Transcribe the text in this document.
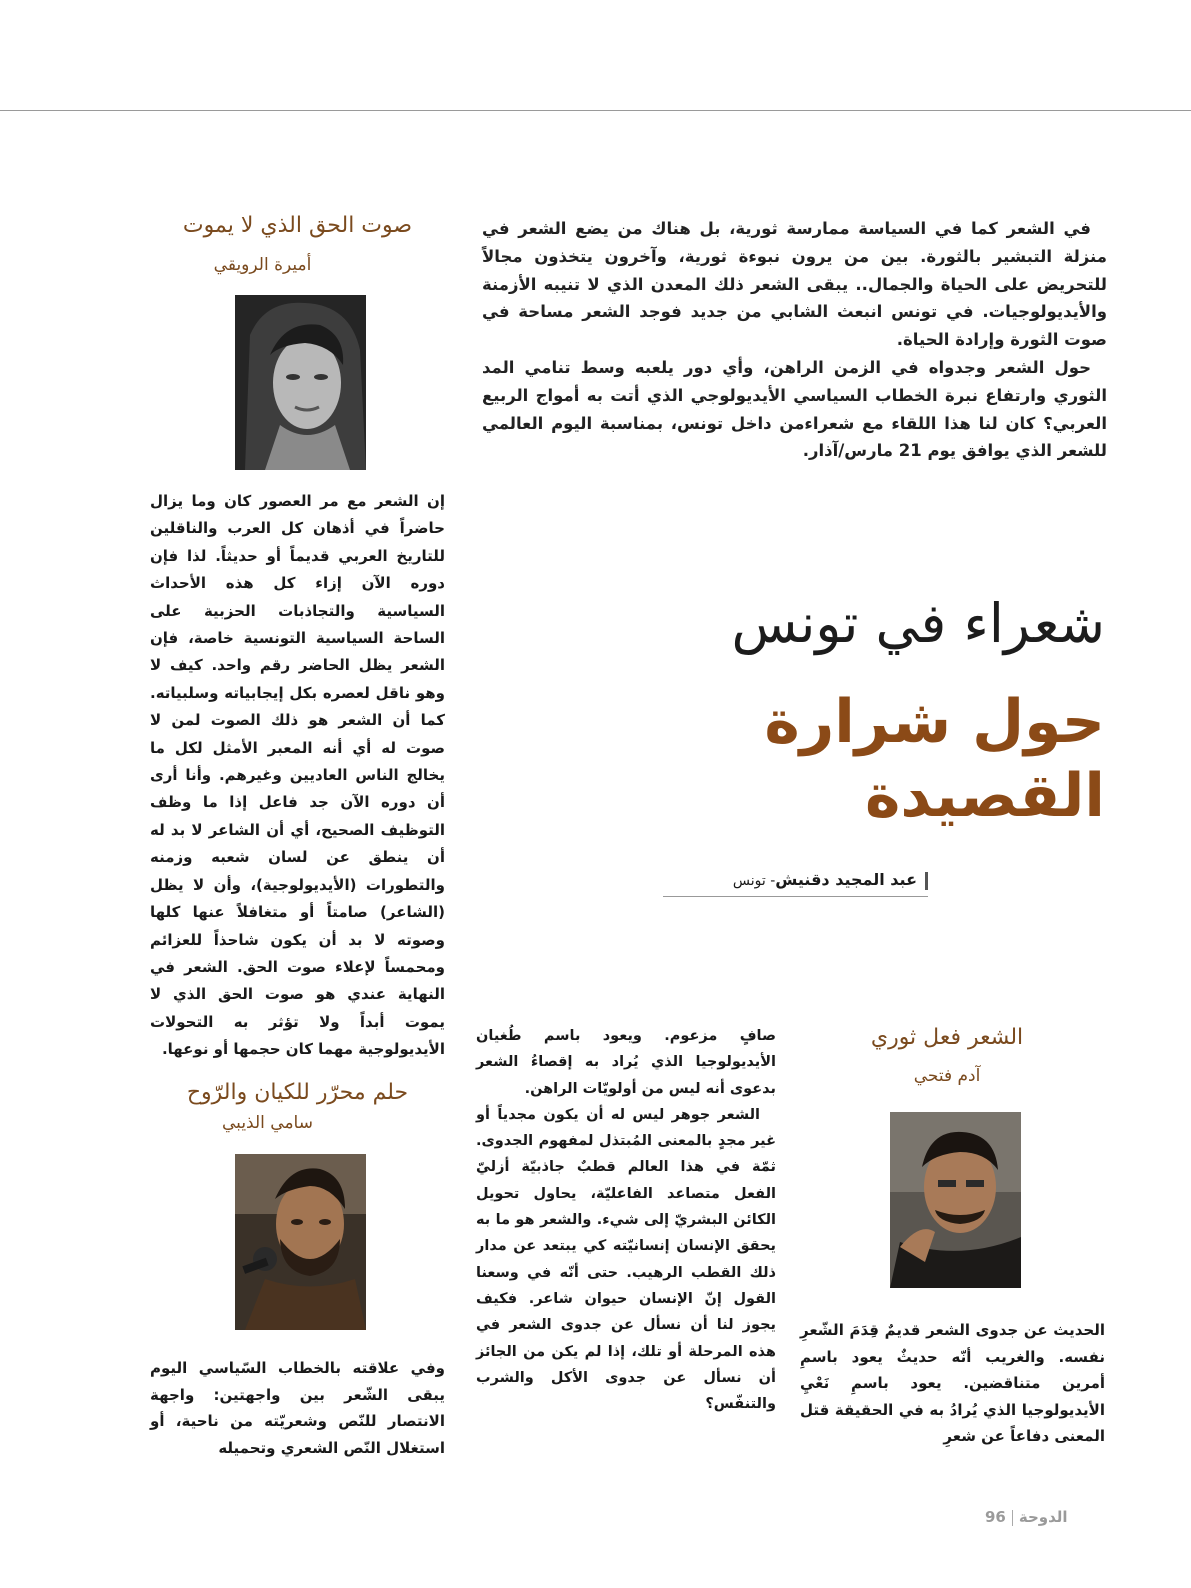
في الشعر كما في السياسة ممارسة ثورية، بل هناك من يضع الشعر في منزلة التبشير بالثورة. بين من يرون نبوءة ثورية، وآخرون يتخذون مجالاً للتحريض على الحياة والجمال.. يبقى الشعر ذلك المعدن الذي لا تنيبه الأزمنة والأيديولوجيات. في تونس انبعث الشابي من جديد فوجد الشعر مساحة في صوت الثورة وإرادة الحياة.

حول الشعر وجدواه في الزمن الراهن، وأي دور يلعبه وسط تنامي المد الثوري وارتفاع نبرة الخطاب السياسي الأيديولوجي الذي أتت به أمواج الربيع العربي؟ كان لنا هذا اللقاء مع شعراءمن داخل تونس، بمناسبة اليوم العالمي للشعر الذي يوافق يوم 21 مارس/آذار.

شعراء في تونس
حول شرارة القصيدة
عبد المجيد دقنيش- تونس
صوت الحق الذي لا يموت
أميرة الرويقي

إن الشعر مع مر العصور كان وما يزال حاضراً في أذهان كل العرب والناقلين للتاريخ العربي قديماً أو حديثاً. لذا فإن دوره الآن إزاء كل هذه الأحداث السياسية والتجاذبات الحزبية على الساحة السياسية التونسية خاصة، فإن الشعر يظل الحاضر رقم واحد. كيف لا وهو ناقل لعصره بكل إيجابياته وسلبياته. كما أن الشعر هو ذلك الصوت لمن لا صوت له أي أنه المعبر الأمثل لكل ما يخالج الناس العاديين وغيرهم. وأنا أرى أن دوره الآن جد فاعل إذا ما وظف التوظيف الصحيح، أي أن الشاعر لا بد له أن ينطق عن لسان شعبه وزمنه والتطورات (الأيديولوجية)، وأن لا يظل (الشاعر) صامتاً أو متغافلاً عنها كلها وصوته لا بد أن يكون شاحذاً للعزائم ومحمساً لإعلاء صوت الحق. الشعر في النهاية عندي هو صوت الحق الذي لا يموت أبداً ولا تؤثر به التحولات الأيديولوجية مهما كان حجمها أو نوعها.

حلم محرّر للكيان والرّوح
سامي الذيبي

وفي علاقته بالخطاب السّياسي اليوم يبقى الشّعر بين واجهتين: واجهة الانتصار للنّص وشعريّته من ناحية، أو استغلال النّص الشعري وتحميله

الشعر فعل ثوري
آدم فتحي

الحديث عن جدوى الشعر قديمٌ قِدَمَ الشّعرِ نفسه. والغريب أنّه حديثٌ يعود باسمِ أمرين متناقضين. يعود باسمِ نَعْيِ الأيديولوجيا الذي يُرادُ به في الحقيقة قتل المعنى دفاعاً عن شعرِ

صافٍ مزعوم. ويعود باسم طُغيان الأيديولوجيا الذي يُراد به إقصاءُ الشعر بدعوى أنه ليس من أولويّات الراهن.

الشعر جوهر ليس له أن يكون مجدياً أو غير مجدٍ بالمعنى المُبتذل لمفهوم الجدوى. ثمّة في هذا العالم قطبٌ جاذبيّة أزليّ الفعل متصاعد الفاعليّة، يحاول تحويل الكائن البشريّ إلى شيء. والشعر هو ما به يحقق الإنسان إنسانيّته كي يبتعد عن مدار ذلك القطب الرهيب. حتى أنّه في وسعنا القول إنّ الإنسان حيوان شاعر. فكيف يجوز لنا أن نسأل عن جدوى الشعر في هذه المرحلة أو تلك، إذا لم يكن من الجائز أن نسأل عن جدوى الأكل والشرب والتنفّس؟

الدوحة96
